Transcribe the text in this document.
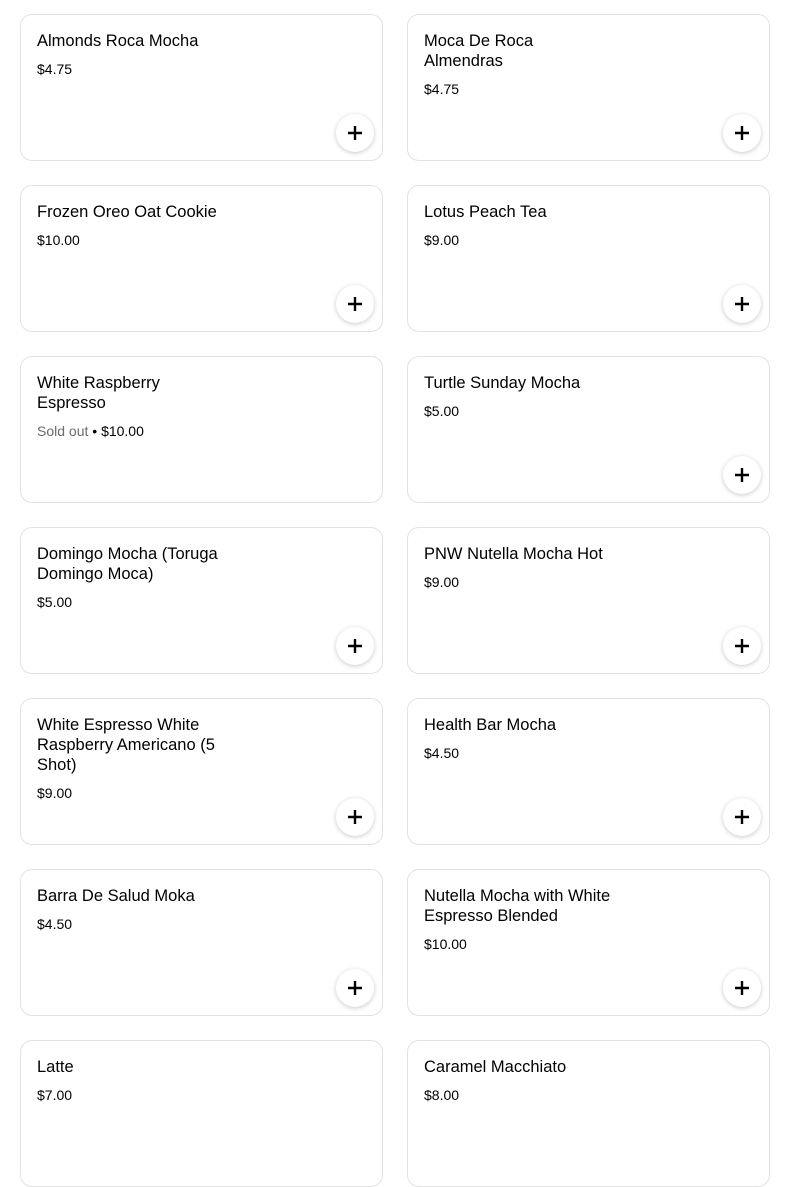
Almonds Roca Mocha
$4.75
Moca De Roca Almendras
$4.75
Frozen Oreo Oat Cookie
$10.00
Lotus Peach Tea
$9.00
White Raspberry Espresso
Sold out • $10.00
Turtle Sunday Mocha
$5.00
Domingo Mocha (Toruga Domingo Moca)
$5.00
PNW Nutella Mocha Hot
$9.00
White Espresso White Raspberry Americano (5 Shot)
$9.00
Health Bar Mocha
$4.50
Barra De Salud Moka
$4.50
Nutella Mocha with White Espresso Blended
$10.00
Latte
$7.00
Caramel Macchiato
$8.00
